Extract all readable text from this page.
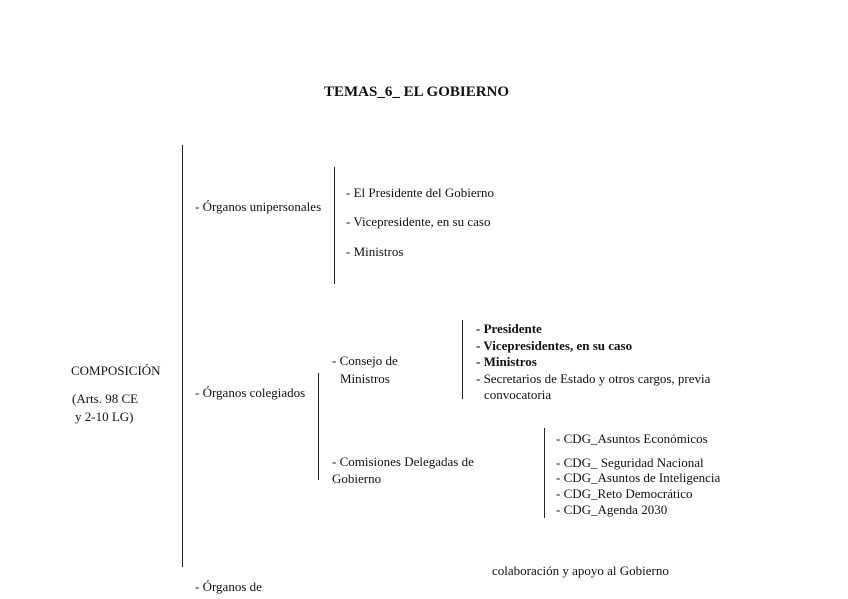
TEMAS_6_ EL GOBIERNO
COMPOSICIÓN
(Arts. 98 CE
y 2-10 LG)
- Órganos unipersonales
- El Presidente del Gobierno
- Vicepresidente, en su caso
- Ministros
- Órganos colegiados
- Consejo de
Ministros
- Presidente
- Vicepresidentes, en su caso
- Ministros
- Secretarios de Estado y otros cargos, previa
convocatoria
- Comisiones Delegadas de
Gobierno
- CDG_Asuntos Económicos
- CDG_ Seguridad Nacional
- CDG_Asuntos de Inteligencia
- CDG_Reto Democrático
- CDG_Agenda 2030
colaboración y apoyo al Gobierno
- Órganos de
